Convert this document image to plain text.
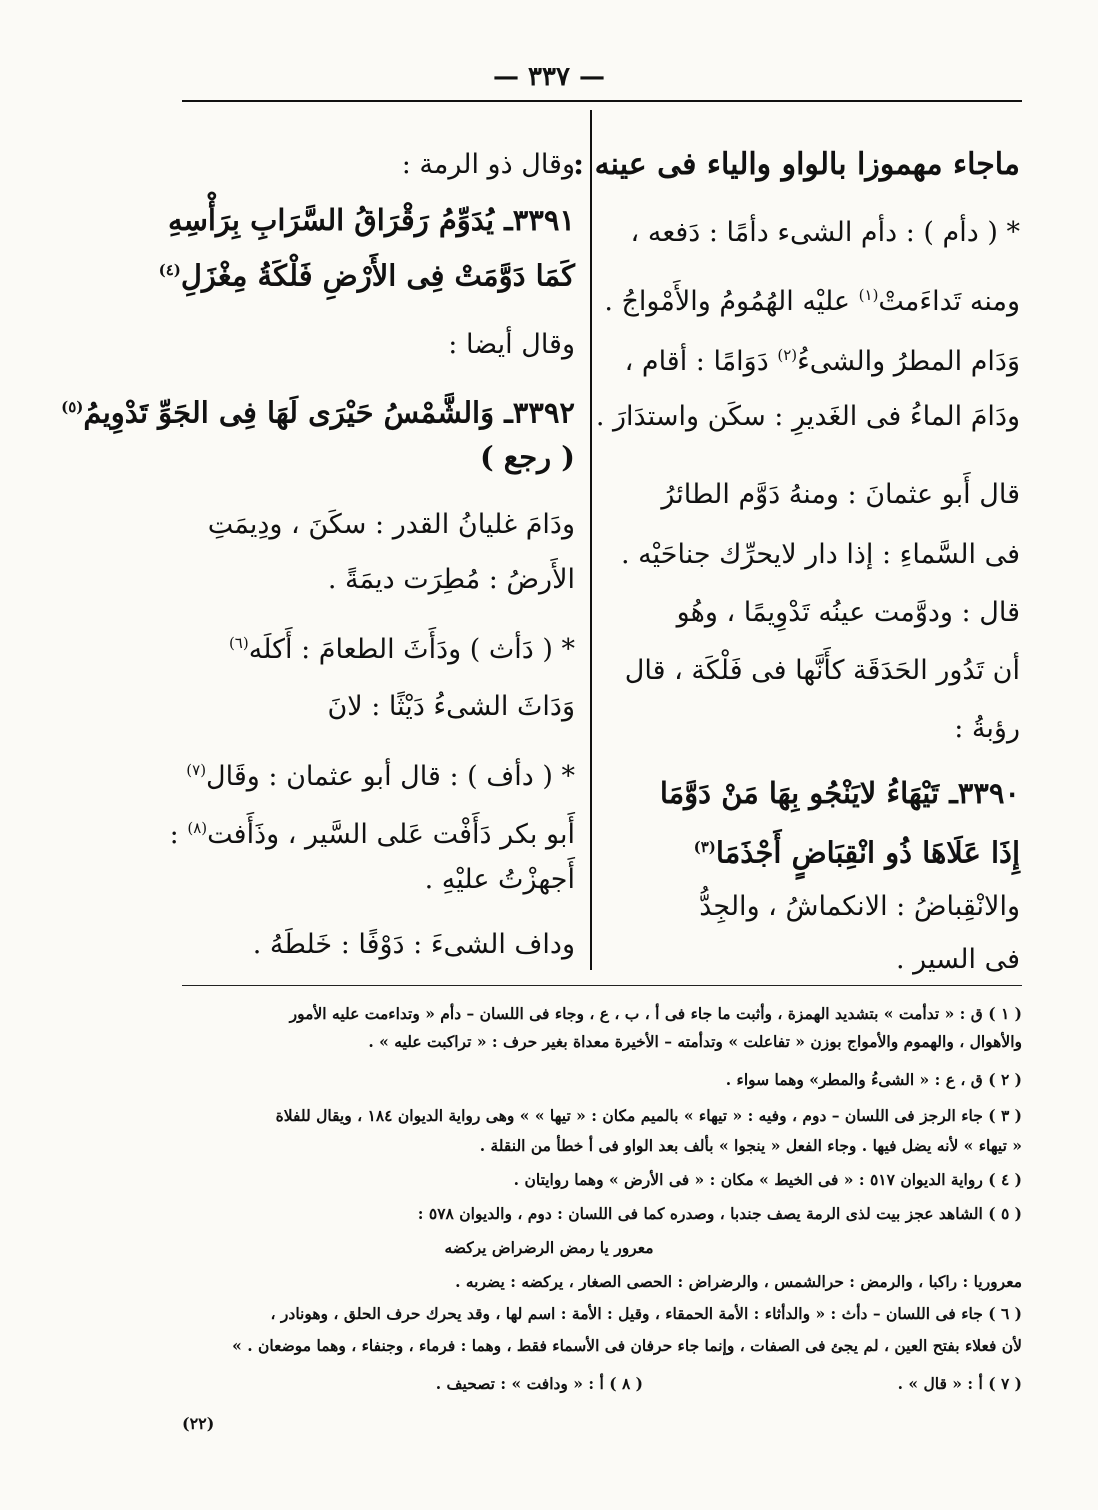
— ٣٣٧ —
ماجاء مهموزا بالواو والياء فى عينه :
* ( دأم ) : دأم الشىء دأمًا : دَفعه ،
ومنه تَداءَمتْ$^{(١)}$ عليْه الهُمُومُ والأَمْواجُ .
وَدَام المطرُ والشىءُ$^{(٢)}$ دَوَامًا : أقام ،
ودَامَ الماءُ فى الغَديرِ : سكَن واستدَارَ .
قال أَبو عثمانَ : ومنهُ دَوَّم الطائرُ
فى السَّماءِ : إذا دار لايحرِّك جناحَيْه .
قال : ودوَّمت عينُه تَدْوِيمًا ، وهُو
أن تَدُور الحَدَقَة كأَنَّها فى فَلْكَة ، قال
رؤبةُ :
٣٣٩٠ـ تَيْهَاءُ لايَنْجُو بِهَا مَنْ دَوَّمَا
إِذَا عَلَاهَا ذُو انْقِبَاضٍ أَجْذَمَا$^{(٣)}$
والانْقِباضُ : الانكماشُ ، والجِدُّ
فى السير .
وقال ذو الرمة :
٣٣٩١ـ يُدَوِّمُ رَقْرَاقُ السَّرَابِ بِرَأْسِهِ
كَمَا دَوَّمَتْ فِى الأَرْضِ فَلْكَةُ مِغْزَلِ$^{(٤)}$
وقال أيضا :
٣٣٩٢ـ وَالشَّمْسُ حَيْرَى لَهَا فِى الجَوِّ تَدْوِيمُ$^{(٥)}$
( رجع )
ودَامَ غليانُ القدر : سكَنَ ، ودِيمَتِ
الأَرضُ : مُطِرَت ديمَةً .
* ( دَأث ) ودَأَثَ الطعامَ : أَكلَه$^{(٦)}$
وَدَاثَ الشىءُ دَيْثًا : لانَ
* ( دأف ) : قال أبو عثمان : وقَال$^{(٧)}$
أَبو بكر دَأَفْت عَلى السَّير ، وذَأَفت$^{(٨)}$ :
أَجهزْتُ عليْهِ .
وداف الشىءَ : دَوْفًا : خَلطَهُ .
( ١ ) ق : « تدأمت » بتشديد الهمزة ، وأثبت ما جاء فى أ ، ب ، ع ، وجاء فى اللسان – دأم « وتداءمت عليه الأمور
والأهوال ، والهموم والأمواج بوزن « تفاعلت » وتدأمته – الأخيرة معداة بغير حرف : « تراكبت عليه » .
( ٢ ) ق ، ع : « الشىءُ والمطر» وهما سواء .
( ٣ ) جاء الرجز فى اللسان – دوم ، وفيه : « تيهاء » بالميم مكان : « تيها » » وهى رواية الديوان ١٨٤ ، ويقال للفلاة
« تيهاء » لأنه يضل فيها . وجاء الفعل « ينجوا » بألف بعد الواو فى أ خطأ من النقلة .
( ٤ ) رواية الديوان ٥١٧ : « فى الخيط » مكان : « فى الأرض » وهما روايتان .
( ٥ ) الشاهد عجز بيت لذى الرمة يصف جندبا ، وصدره كما فى اللسان : دوم ، والديوان ٥٧٨ :
معرور يا رمض الرضراض يركضه
معروريا : راكبا ، والرمض : حرالشمس ، والرضراض : الحصى الصغار ، يركضه : يضربه .
( ٦ ) جاء فى اللسان – دأث : « والدأثاء : الأمة الحمقاء ، وقيل : الأمة : اسم لها ، وقد يحرك حرف الحلق ، وهونادر ،
لأن فعلاء بفتح العين ، لم يجئ فى الصفات ، وإنما جاء حرفان فى الأسماء فقط ، وهما : فرماء ، وجنفاء ، وهما موضعان . »
( ٧ ) أ : « قال » .
( ٨ ) أ : « ودافت » : تصحيف .
(٢٢)
